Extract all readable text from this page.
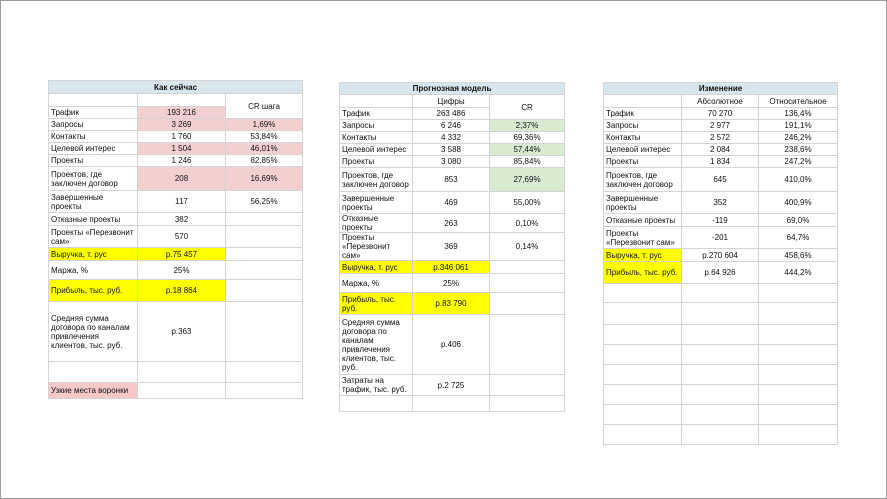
Как сейчас		
		CR шага
Трафик	193 216	
Запросы	3 269	1,69%
Контакты	1 760	53,84%
Целевой интерес	1 504	46,01%
Проекты	1 246	82,85%
Проектов, где заключен договор	208	16,69%
Завершенные проекты	117	56,25%
Отказные проекты	382	
Проекты «Перезвонит сам»	570	
Выручка, т. рус	р.75 457	
Маржа, %	25%	
Прибыль, тыс. руб.	р.18 864	
Средняя сумма договора по каналам привлечения клиентов, тыс. руб.	р.363	

Узкие места воронки		
Прогнозная модель		
	Цифры	CR
Трафик	263 486	
Запросы	6 246	2,37%
Контакты	4 332	69,36%
Целевой интерес	3 588	57,44%
Проекты	3 080	85,84%
Проектов, где заключен договор	853	27,69%
Завершенные проекты	469	55,00%
Отказные проекты	263	0,10%
Проекты «Перезвонит сам»	369	0,14%
Выручка, т. рус	р.346 061	
Маржа, %	25%	
Прибыль, тыс. руб.	р.83 790	
Средняя сумма договора по каналам привлечения клиентов, тыс. руб.	р.406	
Затраты на трафик, тыс. руб.	р.2 725	

Изменение		
	Абсолютное	Относительное
Трафик	70 270	136,4%
Запросы	2 977	191,1%
Контакты	2 572	246,2%
Целевой интерес	2 084	238,6%
Проекты	1 834	247,2%
Проектов, где заключен договор	645	410,0%
Завершенные проекты	352	400,9%
Отказные проекты	-119	69,0%
Проекты «Перезвонит сам»	-201	64,7%
Выручка, т. рус	р.270 604	458,6%
Прибыль, тыс. руб.	р.64 926	444,2%
